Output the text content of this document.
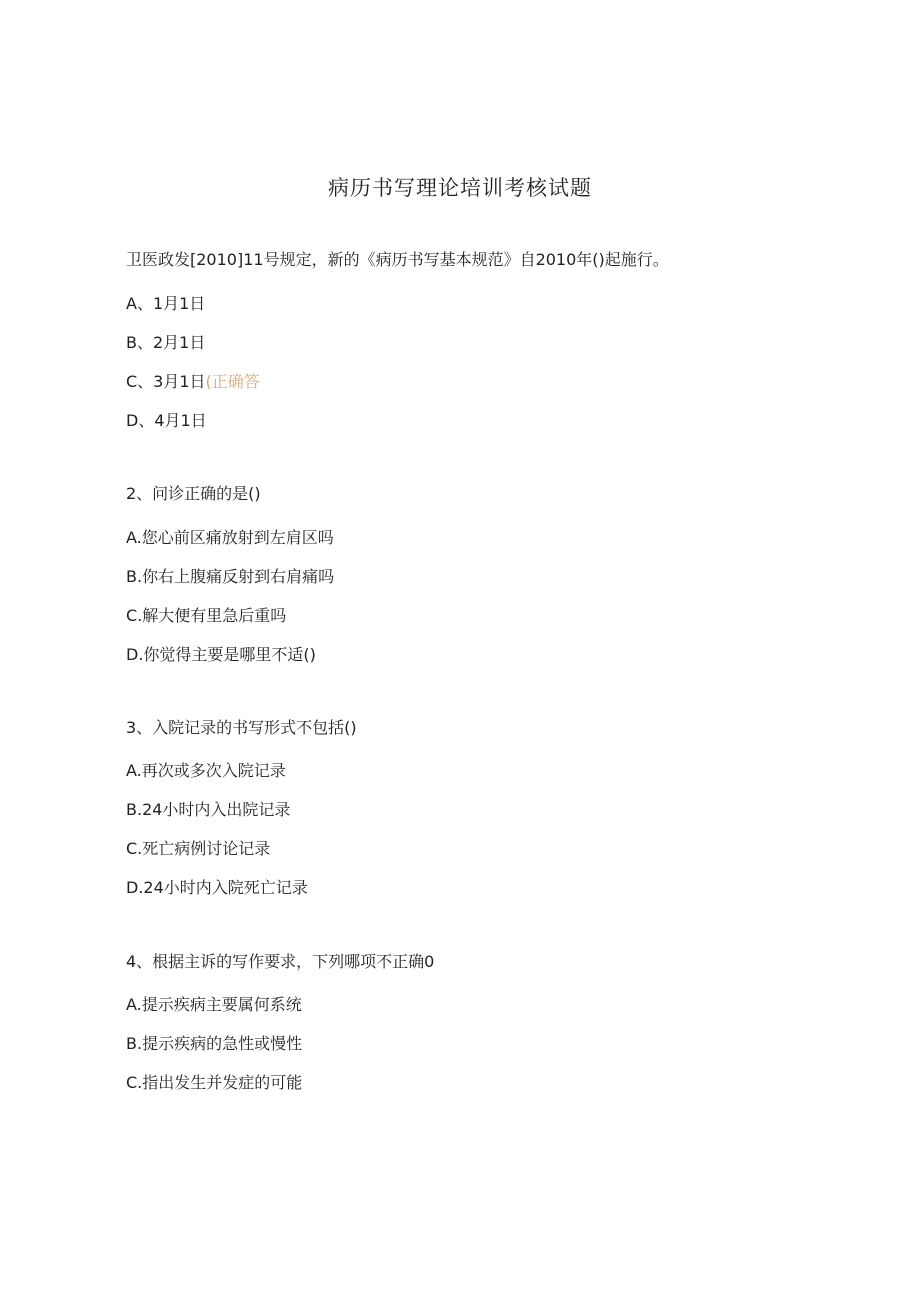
病历书写理论培训考核试题
卫医政发[2010]11号规定，新的《病历书写基本规范》自2010年()起施行。
A、1月1日
B、2月1日
C、3月1日(正确答
D、4月1日
2、问诊正确的是()
A.您心前区痛放射到左肩区吗
B.你右上腹痛反射到右肩痛吗
C.解大便有里急后重吗
D.你觉得主要是哪里不适()
3、入院记录的书写形式不包括()
A.再次或多次入院记录
B.24小时内入出院记录
C.死亡病例讨论记录
D.24小时内入院死亡记录
4、根据主诉的写作要求，下列哪项不正确0
A.提示疾病主要属何系统
B.提示疾病的急性或慢性
C.指出发生并发症的可能
